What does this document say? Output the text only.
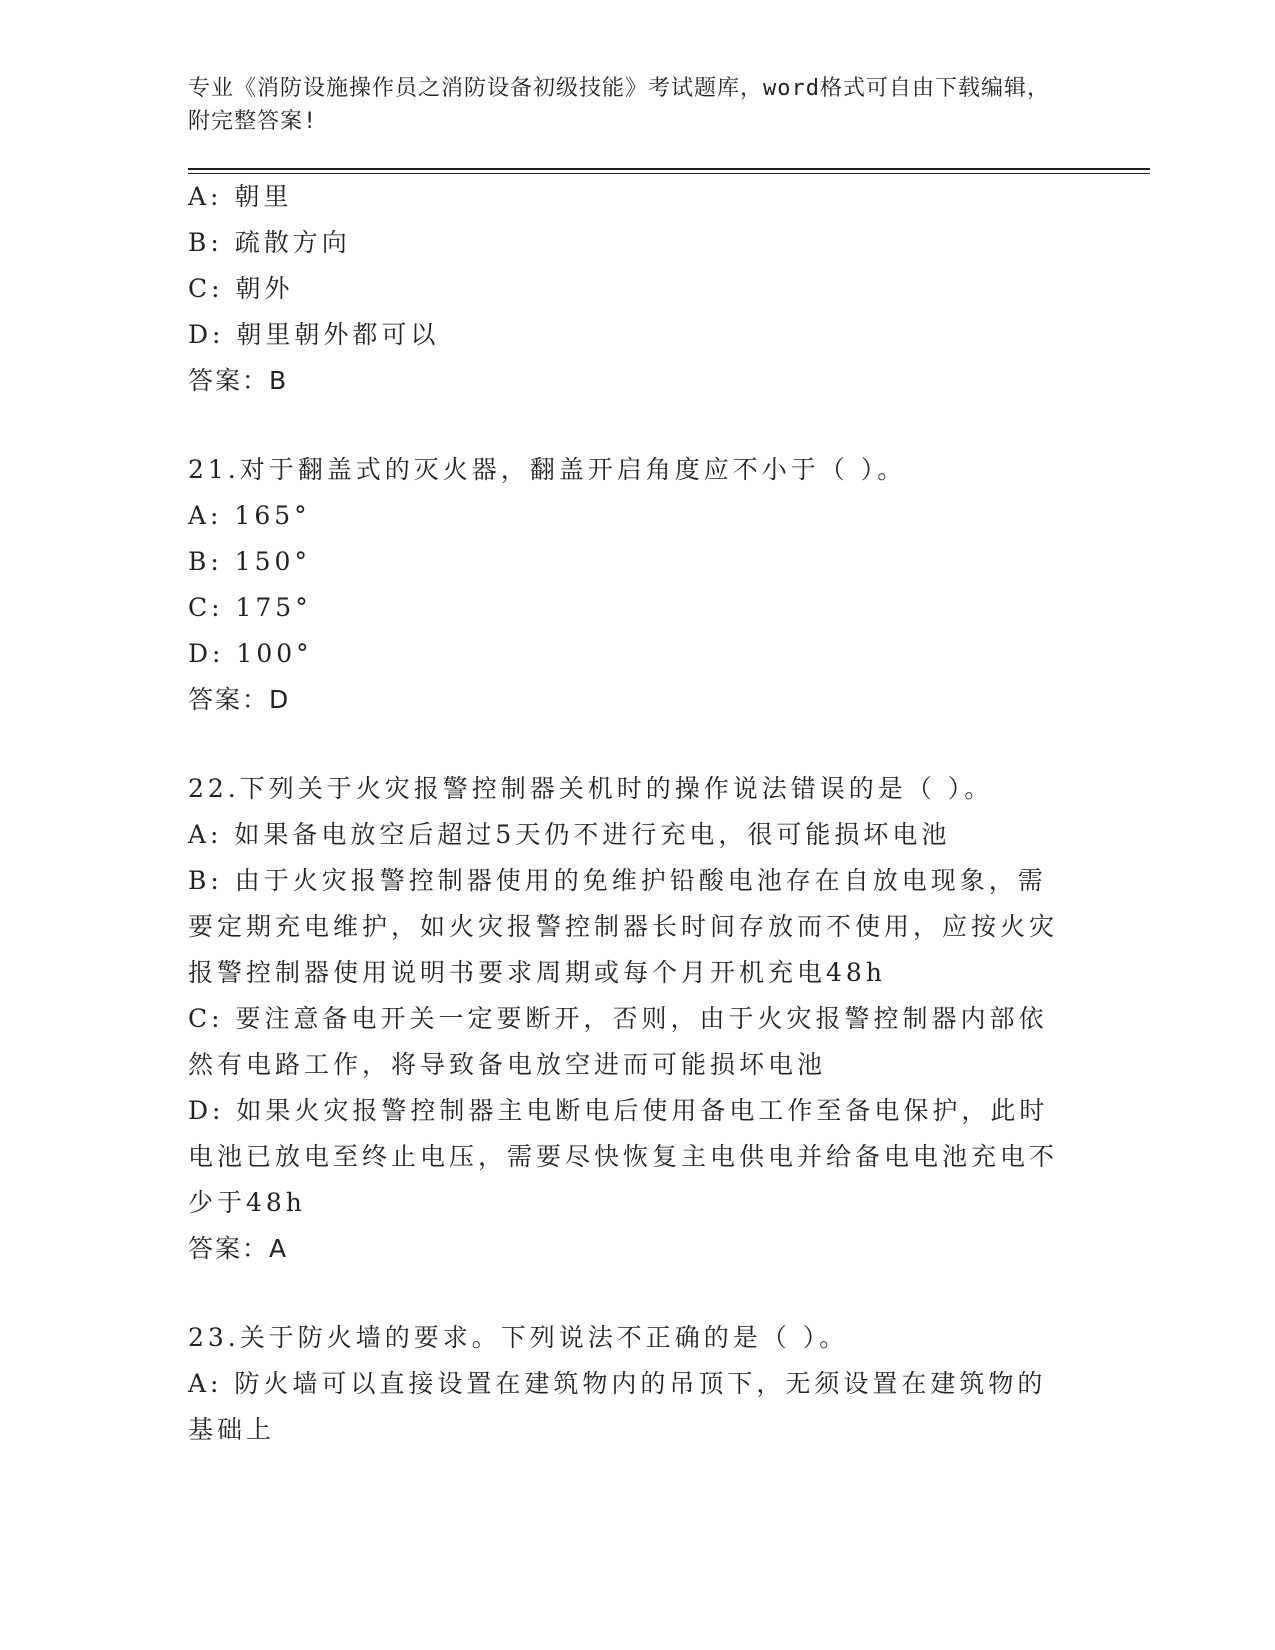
专业《消防设施操作员之消防设备初级技能》考试题库，word格式可自由下载编辑，附完整答案!

A: 朝里

B: 疏散方向

C: 朝外

D: 朝里朝外都可以

答案：B

21.对于翻盖式的灭火器，翻盖开启角度应不小于（ ）。

A: 165°

B: 150°

C: 175°

D: 100°

答案：D

22.下列关于火灾报警控制器关机时的操作说法错误的是（ ）。

A: 如果备电放空后超过5天仍不进行充电，很可能损坏电池

B: 由于火灾报警控制器使用的免维护铅酸电池存在自放电现象，需要定期充电维护，如火灾报警控制器长时间存放而不使用，应按火灾报警控制器使用说明书要求周期或每个月开机充电48h

C: 要注意备电开关一定要断开，否则，由于火灾报警控制器内部依然有电路工作，将导致备电放空进而可能损坏电池

D: 如果火灾报警控制器主电断电后使用备电工作至备电保护，此时电池已放电至终止电压，需要尽快恢复主电供电并给备电电池充电不少于48h

答案：A

23.关于防火墙的要求。下列说法不正确的是（ ）。

A: 防火墙可以直接设置在建筑物内的吊顶下，无须设置在建筑物的基础上
